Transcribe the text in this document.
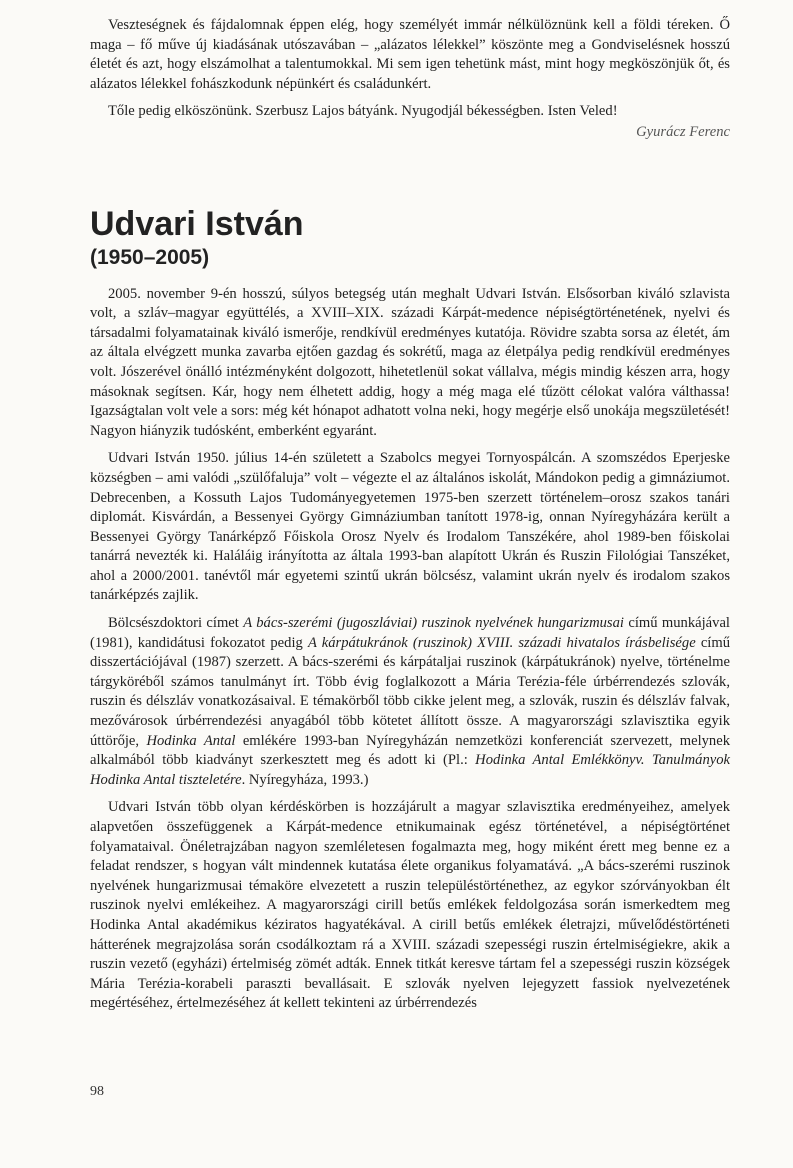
Veszteségnek és fájdalomnak éppen elég, hogy személyét immár nélkülöznünk kell a földi téreken. Ő maga – fő műve új kiadásának utószavában – „alázatos lélekkel” köszönte meg a Gondviselésnek hosszú életét és azt, hogy elszámolhat a talentumokkal. Mi sem igen tehetünk mást, mint hogy megköszönjük őt, és alázatos lélekkel fohászkodunk népünkért és családunkért.

Tőle pedig elköszönünk. Szerbusz Lajos bátyánk. Nyugodjál békességben. Isten Veled!

Gyurácz Ferenc
Udvari István
(1950–2005)

2005. november 9-én hosszú, súlyos betegség után meghalt Udvari István. Elsősorban kiváló szlavista volt, a szláv–magyar együttélés, a XVIII–XIX. századi Kárpát-medence népiségtörténetének, nyelvi és társadalmi folyamatainak kiváló ismerője, rendkívül eredményes kutatója. Rövidre szabta sorsa az életét, ám az általa elvégzett munka zavarba ejtően gazdag és sokrétű, maga az életpálya pedig rendkívül eredményes volt. Jószerével önálló intézményként dolgozott, hihetetlenül sokat vállalva, mégis mindig készen arra, hogy másoknak segítsen. Kár, hogy nem élhetett addig, hogy a még maga elé tűzött célokat valóra válthassa! Igazságtalan volt vele a sors: még két hónapot adhatott volna neki, hogy megérje első unokája megszületését! Nagyon hiányzik tudósként, emberként egyaránt.

Udvari István 1950. július 14-én született a Szabolcs megyei Tornyospálcán. A szomszédos Eperjeske községben – ami valódi „szülőfaluja” volt – végezte el az általános iskolát, Mándokon pedig a gimnáziumot. Debrecenben, a Kossuth Lajos Tudományegyetemen 1975-ben szerzett történelem–orosz szakos tanári diplomát. Kisvárdán, a Bessenyei György Gimnáziumban tanított 1978-ig, onnan Nyíregyházára került a Bessenyei György Tanárképző Főiskola Orosz Nyelv és Irodalom Tanszékére, ahol 1989-ben főiskolai tanárrá nevezték ki. Haláláig irányította az általa 1993-ban alapított Ukrán és Ruszin Filológiai Tanszéket, ahol a 2000/2001. tanévtől már egyetemi szintű ukrán bölcsész, valamint ukrán nyelv és irodalom szakos tanárképzés zajlik.

Bölcsészdoktori címet A bács-szerémi (jugoszláviai) ruszinok nyelvének hungarizmusai című munkájával (1981), kandidátusi fokozatot pedig A kárpátukránok (ruszinok) XVIII. századi hivatalos írásbelisége című disszertációjával (1987) szerzett. A bács-szerémi és kárpátaljai ruszinok (kárpátukránok) nyelve, történelme tárgyköréből számos tanulmányt írt. Több évig foglalkozott a Mária Terézia-féle úrbérrendezés szlovák, ruszin és délszláv vonatkozásaival. E témakörből több cikke jelent meg, a szlovák, ruszin és délszláv falvak, mezővárosok úrbérrendezési anyagából több kötetet állított össze. A magyarországi szlavisztika egyik úttörője, Hodinka Antal emlékére 1993-ban Nyíregyházán nemzetközi konferenciát szervezett, melynek alkalmából több kiadványt szerkesztett meg és adott ki (Pl.: Hodinka Antal Emlékkönyv. Tanulmányok Hodinka Antal tiszteletére. Nyíregyháza, 1993.)

Udvari István több olyan kérdéskörben is hozzájárult a magyar szlavisztika eredményeihez, amelyek alapvetően összefüggenek a Kárpát-medence etnikumainak egész történetével, a népiségtörténet folyamataival. Önéletrajzában nagyon szemléletesen fogalmazta meg, hogy miként érett meg benne ez a feladat rendszer, s hogyan vált mindennek kutatása élete organikus folyamatává. „A bács-szerémi ruszinok nyelvének hungarizmusai témaköre elvezetett a ruszin településtörténethez, az egykor szórványokban élt ruszinok nyelvi emlékeihez. A magyarországi cirill betűs emlékek feldolgozása során ismerkedtem meg Hodinka Antal akadémikus kéziratos hagyatékával. A cirill betűs emlékek életrajzi, művelődéstörténeti hátterének megrajzolása során csodálkoztam rá a XVIII. századi szepességi ruszin értelmiségiekre, akik a ruszin vezető (egyházi) értelmiség zömét adták. Ennek titkát keresve tártam fel a szepességi ruszin községek Mária Terézia-korabeli paraszti bevallásait. E szlovák nyelven lejegyzett fassiok nyelvezetének megértéséhez, értelmezéséhez át kellett tekinteni az úrbérrendezés

98
